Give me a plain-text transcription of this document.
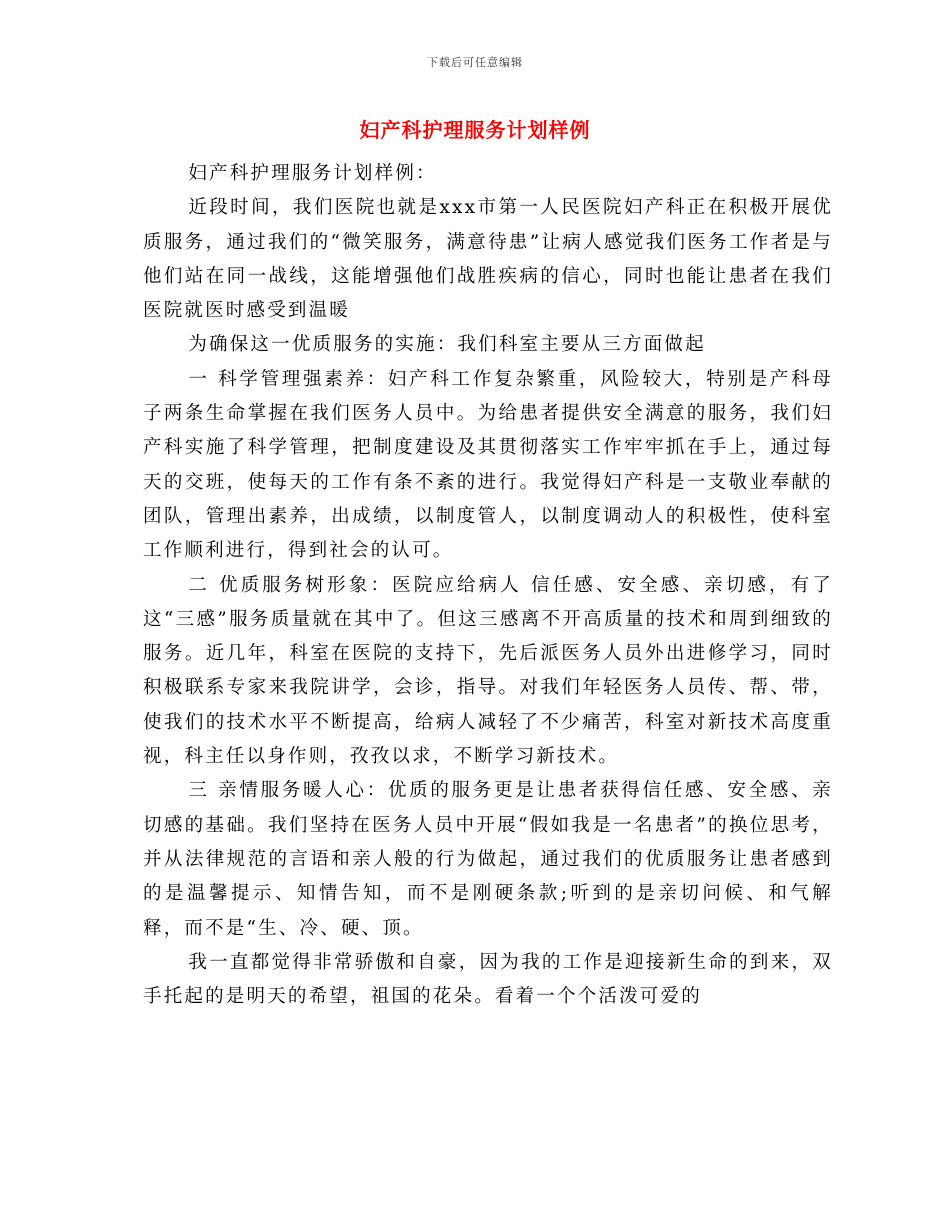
下载后可任意编辑
妇产科护理服务计划样例

妇产科护理服务计划样例：

近段时间，我们医院也就是xxx市第一人民医院妇产科正在积极开展优质服务，通过我们的“微笑服务，满意待患”让病人感觉我们医务工作者是与他们站在同一战线，这能增强他们战胜疾病的信心，同时也能让患者在我们医院就医时感受到温暖

为确保这一优质服务的实施：我们科室主要从三方面做起

一 科学管理强素养：妇产科工作复杂繁重，风险较大，特别是产科母子两条生命掌握在我们医务人员中。为给患者提供安全满意的服务，我们妇产科实施了科学管理，把制度建设及其贯彻落实工作牢牢抓在手上，通过每天的交班，使每天的工作有条不紊的进行。我觉得妇产科是一支敬业奉献的团队，管理出素养，出成绩，以制度管人，以制度调动人的积极性，使科室工作顺利进行，得到社会的认可。

二 优质服务树形象：医院应给病人 信任感、安全感、亲切感，有了这“三感”服务质量就在其中了。但这三感离不开高质量的技术和周到细致的服务。近几年，科室在医院的支持下，先后派医务人员外出进修学习，同时积极联系专家来我院讲学，会诊，指导。对我们年轻医务人员传、帮、带，使我们的技术水平不断提高，给病人减轻了不少痛苦，科室对新技术高度重视，科主任以身作则，孜孜以求，不断学习新技术。

三 亲情服务暖人心：优质的服务更是让患者获得信任感、安全感、亲切感的基础。我们坚持在医务人员中开展“假如我是一名患者”的换位思考，并从法律规范的言语和亲人般的行为做起，通过我们的优质服务让患者感到的是温馨提示、知情告知，而不是刚硬条款;听到的是亲切问候、和气解释，而不是“生、冷、硬、顶。

我一直都觉得非常骄傲和自豪，因为我的工作是迎接新生命的到来，双手托起的是明天的希望，祖国的花朵。看着一个个活泼可爱的
